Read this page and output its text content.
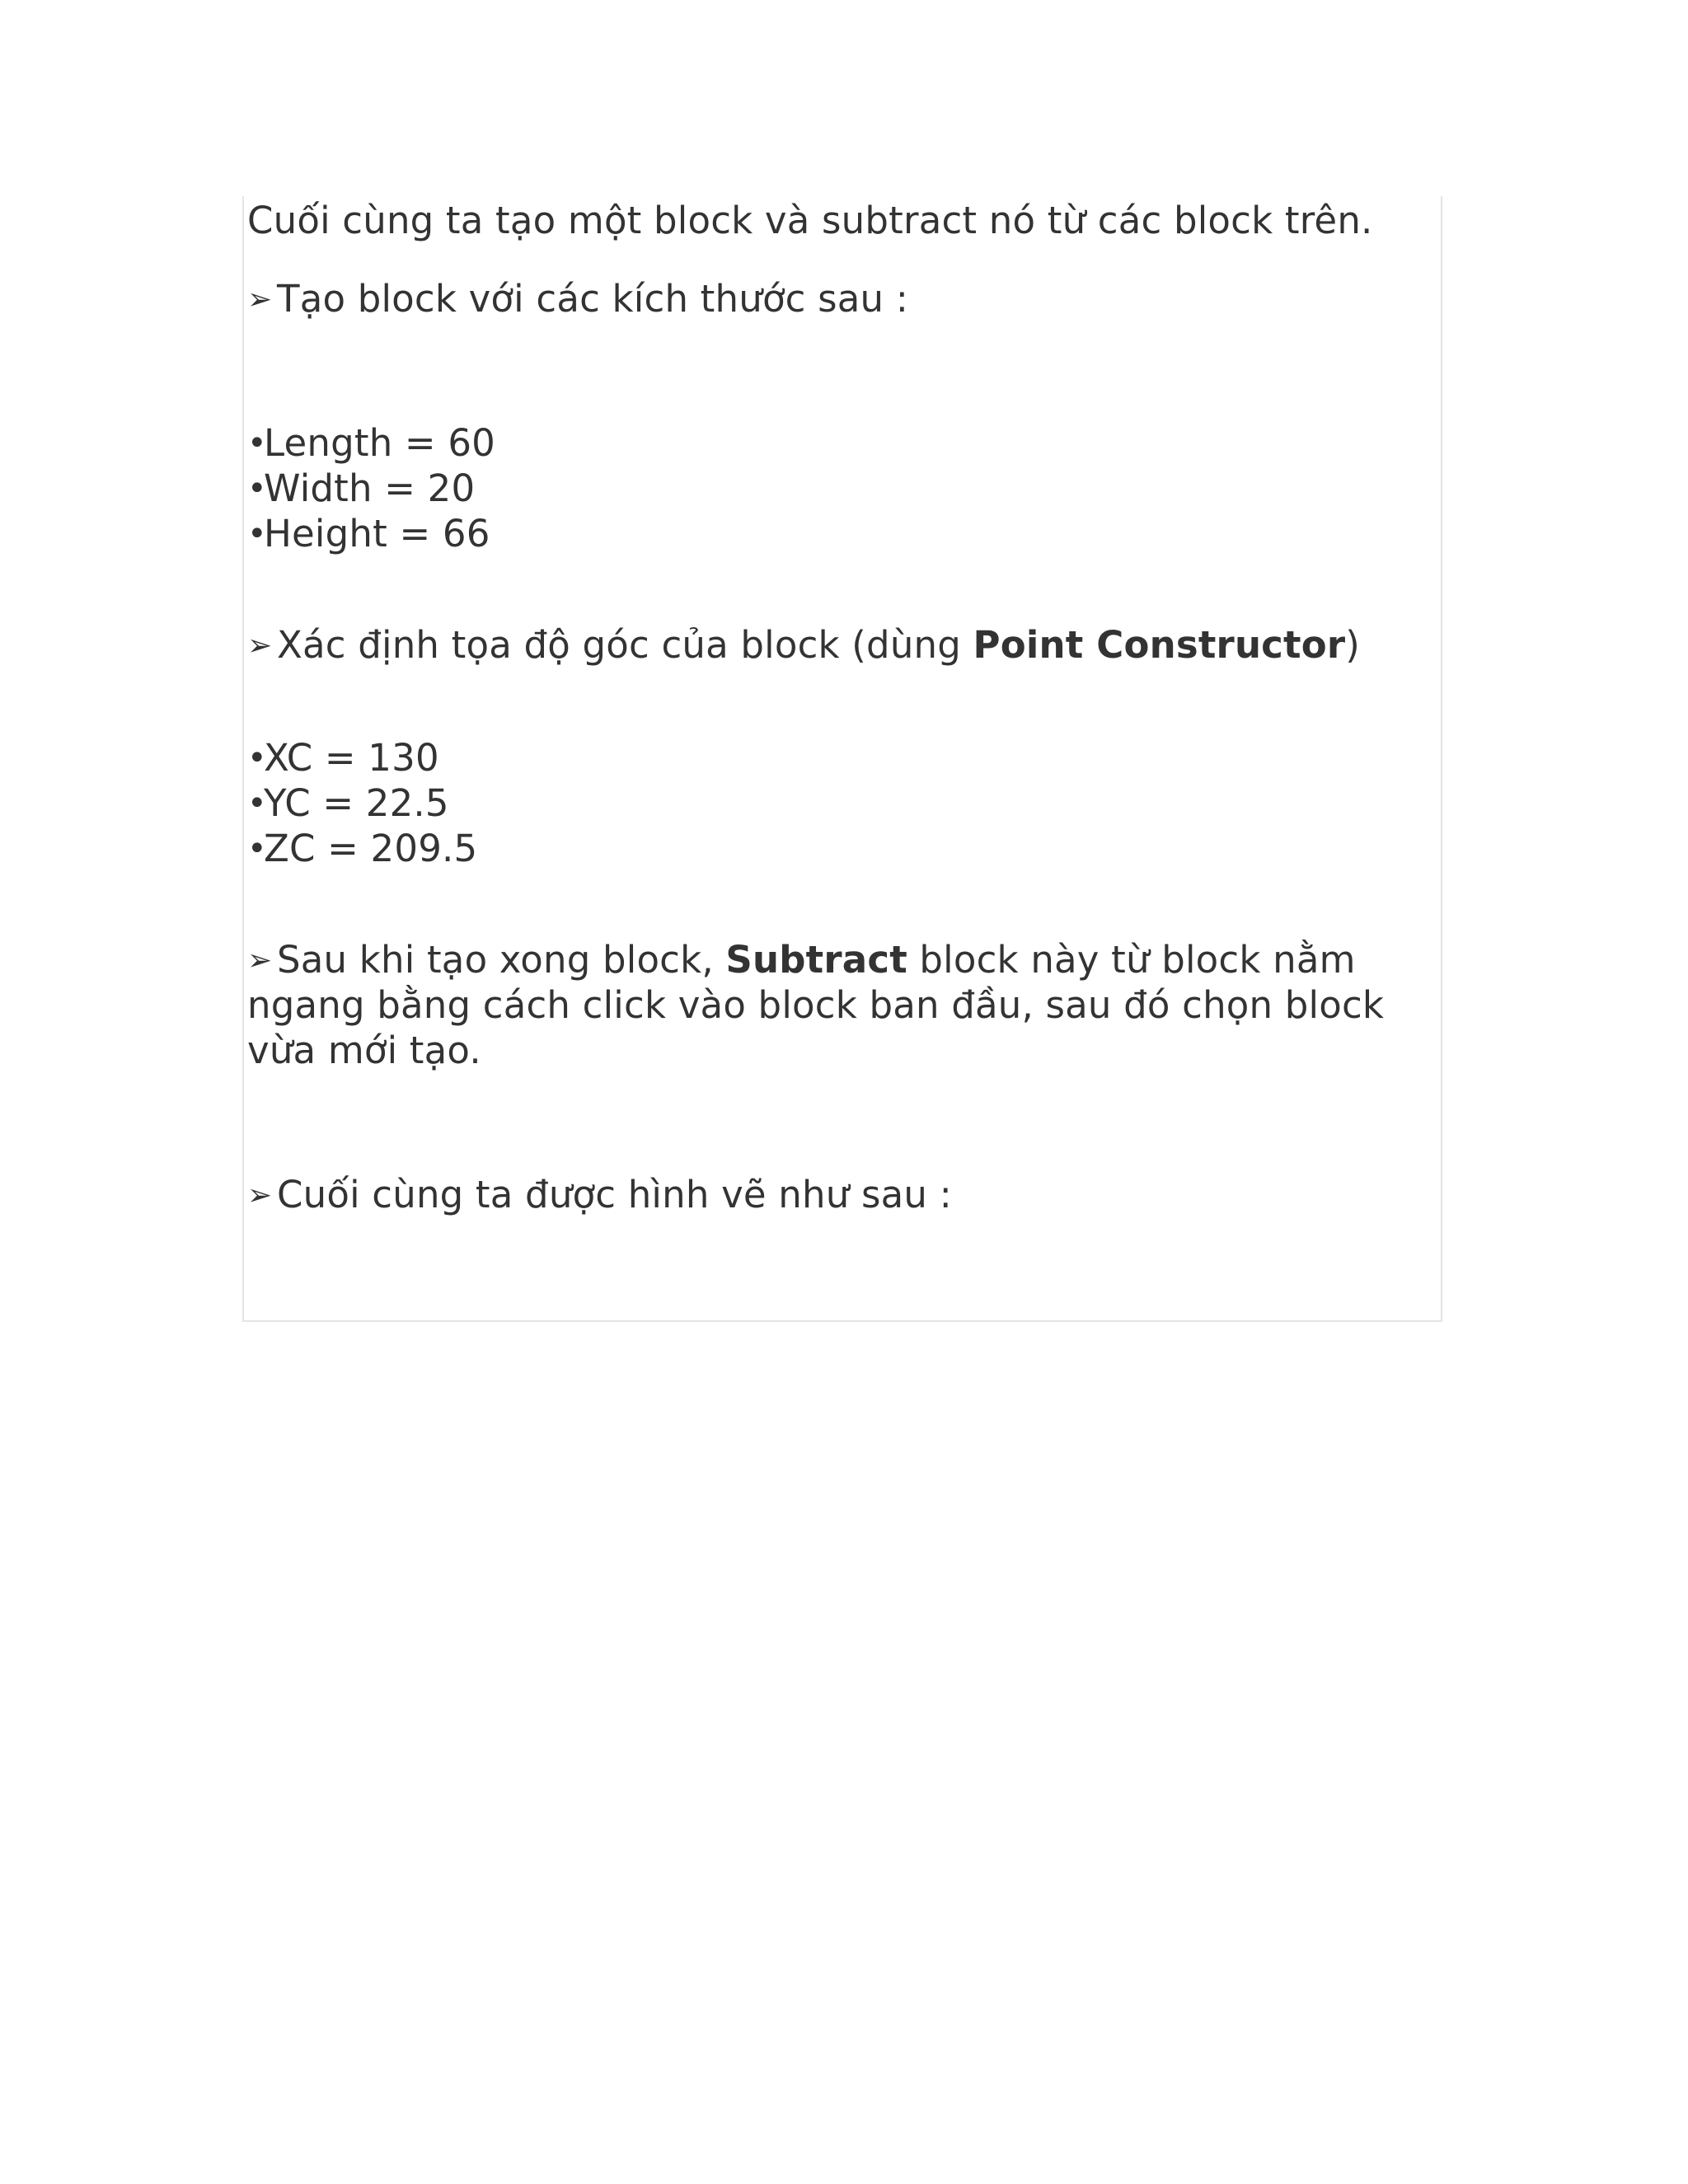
Cuối cùng ta tạo một block và subtract nó từ các block trên.
➢ Tạo block với các kích thước sau :
•Length = 60
•Width = 20
•Height = 66
➢ Xác định tọa độ góc của block (dùng Point Constructor)
•XC = 130
•YC = 22.5
•ZC = 209.5
➢ Sau khi tạo xong block, Subtract block này từ block nằm
ngang bằng cách click vào block ban đầu, sau đó chọn block
vừa mới tạo.
➢ Cuối cùng ta được hình vẽ như sau :
